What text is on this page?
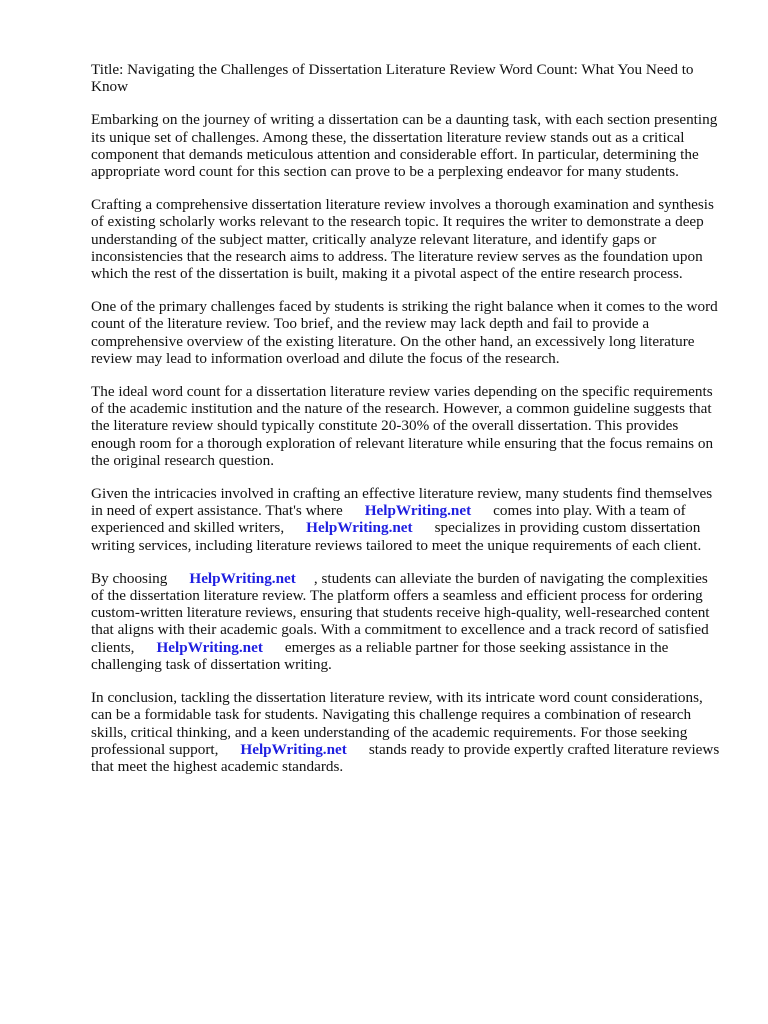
Title: Navigating the Challenges of Dissertation Literature Review Word Count: What You Need to Know

Embarking on the journey of writing a dissertation can be a daunting task, with each section presenting its unique set of challenges. Among these, the dissertation literature review stands out as a critical component that demands meticulous attention and considerable effort. In particular, determining the appropriate word count for this section can prove to be a perplexing endeavor for many students.

Crafting a comprehensive dissertation literature review involves a thorough examination and synthesis of existing scholarly works relevant to the research topic. It requires the writer to demonstrate a deep understanding of the subject matter, critically analyze relevant literature, and identify gaps or inconsistencies that the research aims to address. The literature review serves as the foundation upon which the rest of the dissertation is built, making it a pivotal aspect of the entire research process.

One of the primary challenges faced by students is striking the right balance when it comes to the word count of the literature review. Too brief, and the review may lack depth and fail to provide a comprehensive overview of the existing literature. On the other hand, an excessively long literature review may lead to information overload and dilute the focus of the research.

The ideal word count for a dissertation literature review varies depending on the specific requirements of the academic institution and the nature of the research. However, a common guideline suggests that the literature review should typically constitute 20-30% of the overall dissertation. This provides enough room for a thorough exploration of relevant literature while ensuring that the focus remains on the original research question.

Given the intricacies involved in crafting an effective literature review, many students find themselves in need of expert assistance. That's where HelpWriting.net comes into play. With a team of experienced and skilled writers, HelpWriting.net specializes in providing custom dissertation writing services, including literature reviews tailored to meet the unique requirements of each client.

By choosing HelpWriting.net , students can alleviate the burden of navigating the complexities of the dissertation literature review. The platform offers a seamless and efficient process for ordering custom-written literature reviews, ensuring that students receive high-quality, well-researched content that aligns with their academic goals. With a commitment to excellence and a track record of satisfied clients, HelpWriting.net emerges as a reliable partner for those seeking assistance in the challenging task of dissertation writing.

In conclusion, tackling the dissertation literature review, with its intricate word count considerations, can be a formidable task for students. Navigating this challenge requires a combination of research skills, critical thinking, and a keen understanding of the academic requirements. For those seeking professional support, HelpWriting.net stands ready to provide expertly crafted literature reviews that meet the highest academic standards.
